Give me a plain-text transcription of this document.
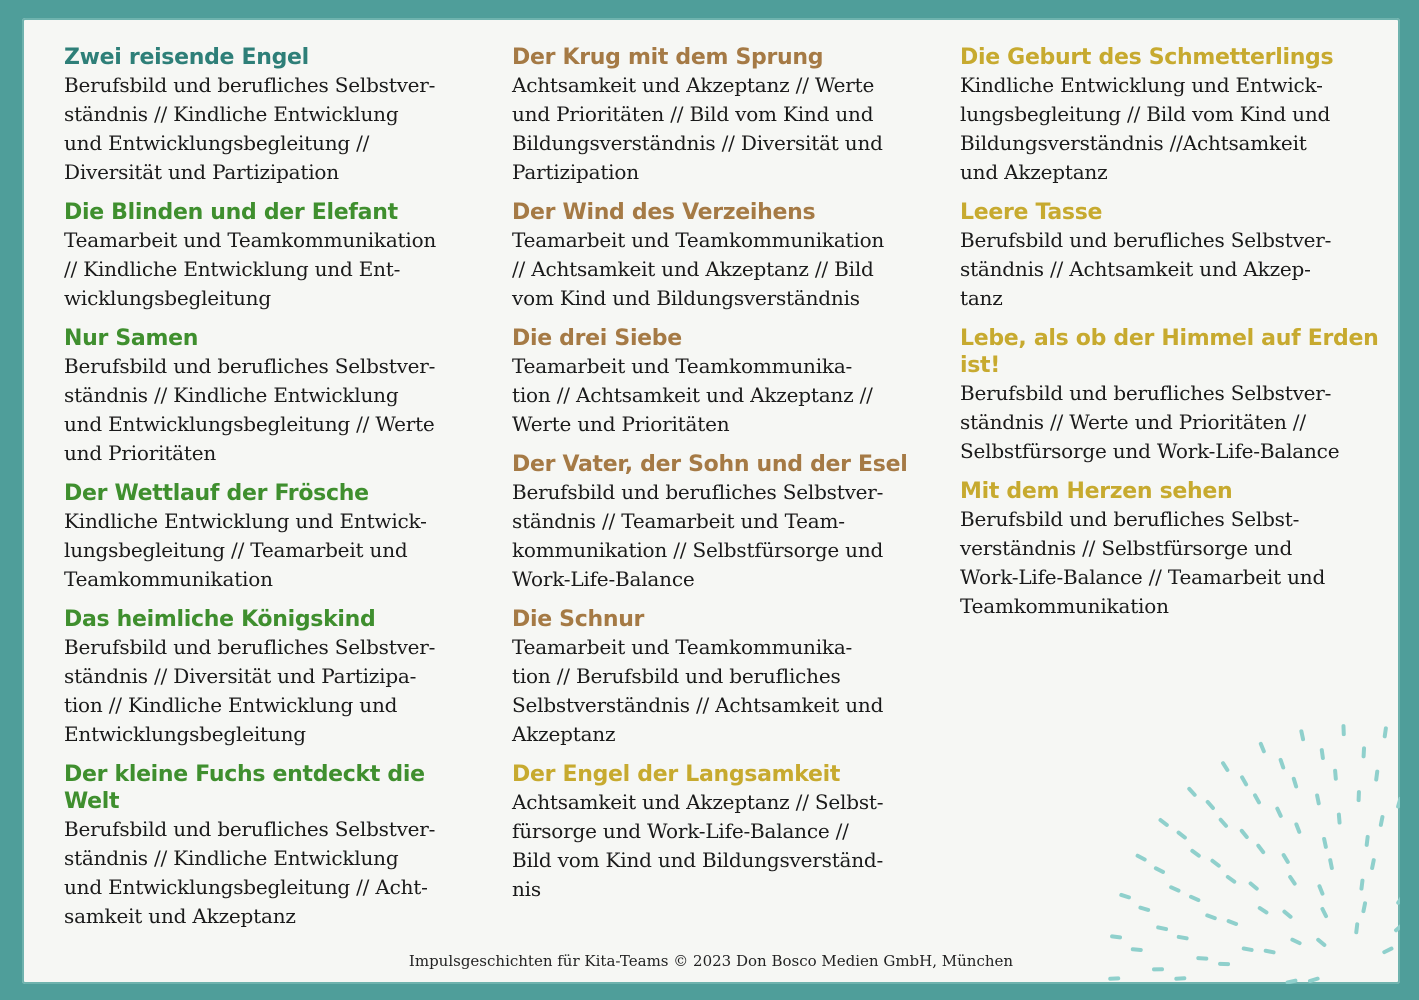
Zwei reisende Engel
Berufsbild und berufliches Selbstver-
ständnis // Kindliche Entwicklung
und Entwicklungsbegleitung //
Diversität und Partizipation
Die Blinden und der Elefant
Teamarbeit und Teamkommunikation
// Kindliche Entwicklung und Ent-
wicklungsbegleitung
Nur Samen
Berufsbild und berufliches Selbstver-
ständnis // Kindliche Entwicklung
und Entwicklungsbegleitung // Werte
und Prioritäten
Der Wettlauf der Frösche
Kindliche Entwicklung und Entwick-
lungsbegleitung // Teamarbeit und
Teamkommunikation
Das heimliche Königskind
Berufsbild und berufliches Selbstver-
ständnis // Diversität und Partizipa-
tion // Kindliche Entwicklung und
Entwicklungsbegleitung
Der kleine Fuchs entdeckt die Welt
Berufsbild und berufliches Selbstver-
ständnis // Kindliche Entwicklung
und Entwicklungsbegleitung // Acht-
samkeit und Akzeptanz
Der Krug mit dem Sprung
Achtsamkeit und Akzeptanz // Werte
und Prioritäten // Bild vom Kind und
Bildungsverständnis // Diversität und
Partizipation
Der Wind des Verzeihens
Teamarbeit und Teamkommunikation
// Achtsamkeit und Akzeptanz // Bild
vom Kind und Bildungsverständnis
Die drei Siebe
Teamarbeit und Teamkommunika-
tion // Achtsamkeit und Akzeptanz //
Werte und Prioritäten
Der Vater, der Sohn und der Esel
Berufsbild und berufliches Selbstver-
ständnis // Teamarbeit und Team-
kommunikation // Selbstfürsorge und
Work-Life-Balance
Die Schnur
Teamarbeit und Teamkommunika-
tion // Berufsbild und berufliches
Selbstverständnis // Achtsamkeit und
Akzeptanz
Der Engel der Langsamkeit
Achtsamkeit und Akzeptanz // Selbst-
fürsorge und Work-Life-Balance //
Bild vom Kind und Bildungsverständ-
nis
Die Geburt des Schmetterlings
Kindliche Entwicklung und Entwick-
lungsbegleitung // Bild vom Kind und
Bildungsverständnis //Achtsamkeit
und Akzeptanz
Leere Tasse
Berufsbild und berufliches Selbstver-
ständnis // Achtsamkeit und Akzep-
tanz
Lebe, als ob der Himmel auf Erden
ist!
Berufsbild und berufliches Selbstver-
ständnis // Werte und Prioritäten //
Selbstfürsorge und Work-Life-Balance
Mit dem Herzen sehen
Berufsbild und berufliches Selbst-
verständnis // Selbstfürsorge und
Work-Life-Balance // Teamarbeit und
Teamkommunikation
Impulsgeschichten für Kita-Teams © 2023 Don Bosco Medien GmbH, München
